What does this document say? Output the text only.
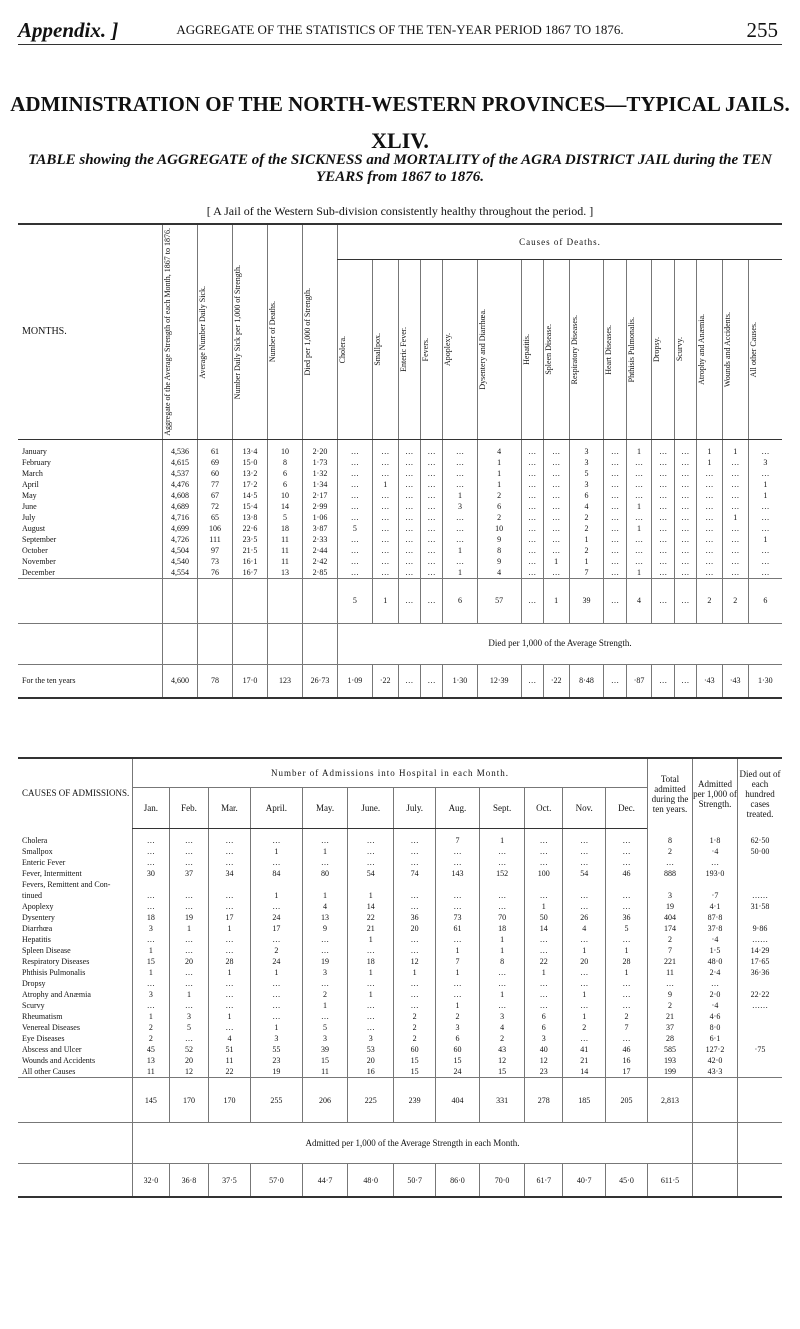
Appendix. ]	AGGREGATE OF THE STATISTICS OF THE TEN-YEAR PERIOD 1867 TO 1876.	255
ADMINISTRATION OF THE NORTH-WESTERN PROVINCES—TYPICAL JAILS.
XLIV.
TABLE showing the AGGREGATE of the SICKNESS and MORTALITY of the AGRA DISTRICT JAIL during the TEN YEARS from 1867 to 1876.
[ A Jail of the Western Sub-division consistently healthy throughout the period. ]
MONTHS.	Aggregate of the Average Strength of each Month, 1867 to 1876.	Average Number Daily Sick.	Number Daily Sick per 1,000 of Strength.	Number of Deaths.	Died per 1,000 of Strength.	Causes of Deaths.															

						Cholera.	Smallpox.	Enteric Fever.	Fevers.	Apoplexy.	Dysentery and Diarrhœa.	Hepatitis.	Spleen Disease.	Respiratory Diseases.	Heart Diseases.	Phthisis Pulmonalis.	Dropsy.	Scurvy.	Atrophy and Anæmia.	Wounds and Accidents.	All other Causes.

January	4,536	61	13·4	10	2·20	…	…	…	…	…	4	…	…	3	…	1	…	…	1	1	…
February	4,615	69	15·0	8	1·73	…	…	…	…	…	1	…	…	3	…	…	…	…	1	…	3
March	4,537	60	13·2	6	1·32	…	…	…	…	…	1	…	…	5	…	…	…	…	…	…	…
April	4,476	77	17·2	6	1·34	…	1	…	…	…	1	…	…	3	…	…	…	…	…	…	1
May	4,608	67	14·5	10	2·17	…	…	…	…	1	2	…	…	6	…	…	…	…	…	…	1
June	4,689	72	15·4	14	2·99	…	…	…	…	3	6	…	…	4	…	1	…	…	…	…	…
July	4,716	65	13·8	5	1·06	…	…	…	…	…	2	…	…	2	…	…	…	…	…	1	…
August	4,699	106	22·6	18	3·87	5	…	…	…	…	10	…	…	2	…	1	…	…	…	…	…
September	4,726	111	23·5	11	2·33	…	…	…	…	…	9	…	…	1	…	…	…	…	…	…	1
October	4,504	97	21·5	11	2·44	…	…	…	…	1	8	…	…	2	…	…	…	…	…	…	…
November	4,540	73	16·1	11	2·42	…	…	…	…	…	9	…	1	1	…	…	…	…	…	…	…
December	4,554	76	16·7	13	2·85	…	…	…	…	1	4	…	…	7	…	1	…	…	…	…	…
						5	1	…	…	6	57	…	1	39	…	4	…	…	2	2	6
						Died per 1,000 of the Average Strength.															
For the ten years	4,600	78	17·0	123	26·73	1·09	·22	…	…	1·30	12·39	…	·22	8·48	…	·87	…	…	·43	·43	1·30
CAUSES OF ADMISSIONS.	Number of Admissions into Hospital in each Month.												Total admitted during the ten years.	Admitted per 1,000 of Strength.	Died out of each hundred cases treated.
	Jan.	Feb.	Mar.	April.	May.	June.	July.	Aug.	Sept.	Oct.	Nov.	Dec.			
Cholera	…	…	…	…	…	…	…	7	1	…	…	…	8	1·8	62·50
Smallpox	…	…	…	1	1	…	…	…	…	…	…	…	2	·4	50·00
Enteric Fever	…	…	…	…	…	…	…	…	…	…	…	…	…	…	
Fever, Intermittent	30	37	34	84	80	54	74	143	152	100	54	46	888	193·0	
Fevers, Remittent and Con-															
tinued	…	…	…	1	1	1	…	…	…	…	…	…	3	·7	……
Apoplexy	…	…	…	…	4	14	…	…	…	1	…	…	19	4·1	31·58
Dysentery	18	19	17	24	13	22	36	73	70	50	26	36	404	87·8	
Diarrhœa	3	1	1	17	9	21	20	61	18	14	4	5	174	37·8	9·86
Hepatitis	…	…	…	…	…	1	…	…	1	…	…	…	2	·4	……
Spleen Disease	1	…	…	2	…	…	…	1	1	…	1	1	7	1·5	14·29
Respiratory Diseases	15	20	28	24	19	18	12	7	8	22	20	28	221	48·0	17·65
Phthisis Pulmonalis	1	…	1	1	3	1	1	1	…	1	…	1	11	2·4	36·36
Dropsy	…	…	…	…	…	…	…	…	…	…	…	…	…	…	
Atrophy and Anæmia	3	1	…	…	2	1	…	…	1	…	1	…	9	2·0	22·22
Scurvy	…	…	…	…	1	…	…	1	…	…	…	…	2	·4	……
Rheumatism	1	3	1	…	…	…	2	2	3	6	1	2	21	4·6	
Venereal Diseases	2	5	…	1	5	…	2	3	4	6	2	7	37	8·0	
Eye Diseases	2	…	4	3	3	3	2	6	2	3	…	…	28	6·1	
Abscess and Ulcer	45	52	51	55	39	53	60	60	43	40	41	46	585	127·2	·75
Wounds and Accidents	13	20	11	23	15	20	15	15	12	12	21	16	193	42·0	
All other Causes	11	12	22	19	11	16	15	24	15	23	14	17	199	43·3	
	145	170	170	255	206	225	239	404	331	278	185	205	2,813		
	Admitted per 1,000 of the Average Strength in each Month.														
	32·0	36·8	37·5	57·0	44·7	48·0	50·7	86·0	70·0	61·7	40·7	45·0	611·5		
